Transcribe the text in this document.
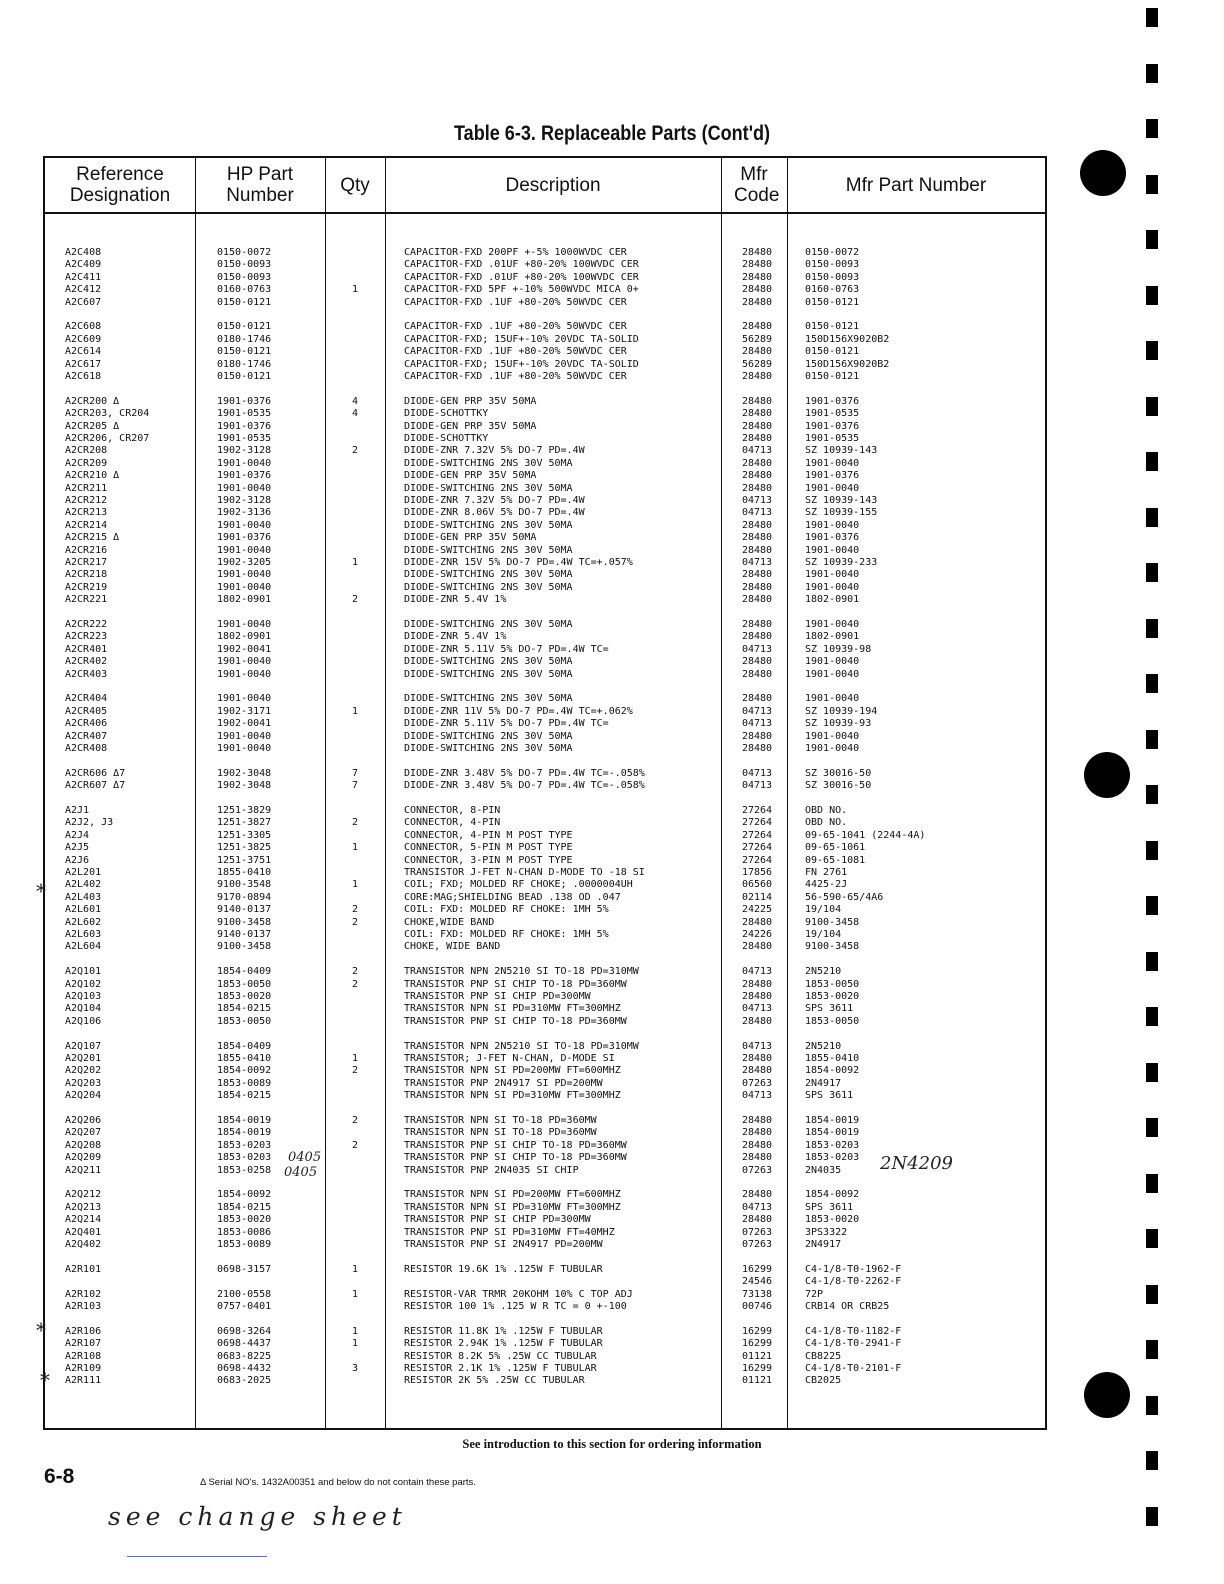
Table 6-3. Replaceable Parts (Cont'd)
Reference Designation
HP Part Number	Qty	Description	Mfr Code	Mfr Part Number
A2C408	0150-0072	CAPACITOR-FXD 200PF +-5% 1000WVDC CER	28480	0150-0072
A2C409	0150-0093	CAPACITOR-FXD .01UF +80-20% 100WVDC CER	28480	0150-0093
A2C411	0150-0093	CAPACITOR-FXD .01UF +80-20% 100WVDC CER	28480	0150-0093
A2C412	0160-0763	1	CAPACITOR-FXD 5PF +-10% 500WVDC MICA 0+	28480	0160-0763
A2C607	0150-0121	CAPACITOR-FXD .1UF +80-20% 50WVDC CER	28480	0150-0121
A2C608	0150-0121	CAPACITOR-FXD .1UF +80-20% 50WVDC CER	28480	0150-0121
A2C609	0180-1746	CAPACITOR-FXD; 15UF+-10% 20VDC TA-SOLID	56289	150D156X9020B2
A2C614	0150-0121	CAPACITOR-FXD .1UF +80-20% 50WVDC CER	28480	0150-0121
A2C617	0180-1746	CAPACITOR-FXD; 15UF+-10% 20VDC TA-SOLID	56289	150D156X9020B2
A2C618	0150-0121	CAPACITOR-FXD .1UF +80-20% 50WVDC CER	28480	0150-0121
A2CR200 Δ	1901-0376	4	DIODE-GEN PRP 35V 50MA	28480	1901-0376
A2CR203, CR204	1901-0535	4	DIODE-SCHOTTKY	28480	1901-0535
A2CR205 Δ	1901-0376	DIODE-GEN PRP 35V 50MA	28480	1901-0376
A2CR206, CR207	1901-0535	DIODE-SCHOTTKY	28480	1901-0535
A2CR208	1902-3128	2	DIODE-ZNR 7.32V 5% DO-7 PD=.4W	04713	SZ 10939-143
A2CR209	1901-0040	DIODE-SWITCHING 2NS 30V 50MA	28480	1901-0040
A2CR210 Δ	1901-0376	DIODE-GEN PRP 35V 50MA	28480	1901-0376
A2CR211	1901-0040	DIODE-SWITCHING 2NS 30V 50MA	28480	1901-0040
A2CR212	1902-3128	DIODE-ZNR 7.32V 5% DO-7 PD=.4W	04713	SZ 10939-143
A2CR213	1902-3136	DIODE-ZNR 8.06V 5% DO-7 PD=.4W	04713	SZ 10939-155
A2CR214	1901-0040	DIODE-SWITCHING 2NS 30V 50MA	28480	1901-0040
A2CR215 Δ	1901-0376	DIODE-GEN PRP 35V 50MA	28480	1901-0376
A2CR216	1901-0040	DIODE-SWITCHING 2NS 30V 50MA	28480	1901-0040
A2CR217	1902-3205	1	DIODE-ZNR 15V 5% DO-7 PD=.4W TC=+.057%	04713	SZ 10939-233
A2CR218	1901-0040	DIODE-SWITCHING 2NS 30V 50MA	28480	1901-0040
A2CR219	1901-0040	DIODE-SWITCHING 2NS 30V 50MA	28480	1901-0040
A2CR221	1802-0901	2	DIODE-ZNR 5.4V 1%	28480	1802-0901
A2CR222	1901-0040	DIODE-SWITCHING 2NS 30V 50MA	28480	1901-0040
A2CR223	1802-0901	DIODE-ZNR 5.4V 1%	28480	1802-0901
A2CR401	1902-0041	DIODE-ZNR 5.11V 5% DO-7 PD=.4W TC=	04713	SZ 10939-98
A2CR402	1901-0040	DIODE-SWITCHING 2NS 30V 50MA	28480	1901-0040
A2CR403	1901-0040	DIODE-SWITCHING 2NS 30V 50MA	28480	1901-0040
A2CR404	1901-0040	DIODE-SWITCHING 2NS 30V 50MA	28480	1901-0040
A2CR405	1902-3171	1	DIODE-ZNR 11V 5% DO-7 PD=.4W TC=+.062%	04713	SZ 10939-194
A2CR406	1902-0041	DIODE-ZNR 5.11V 5% DO-7 PD=.4W TC=	04713	SZ 10939-93
A2CR407	1901-0040	DIODE-SWITCHING 2NS 30V 50MA	28480	1901-0040
A2CR408	1901-0040	DIODE-SWITCHING 2NS 30V 50MA	28480	1901-0040
A2CR606 Δ7	1902-3048	7	DIODE-ZNR 3.48V 5% DO-7 PD=.4W TC=-.058%	04713	SZ 30016-50
A2CR607 Δ7	1902-3048	7	DIODE-ZNR 3.48V 5% DO-7 PD=.4W TC=-.058%	04713	SZ 30016-50
A2J1	1251-3829	CONNECTOR, 8-PIN	27264	OBD NO.
A2J2, J3	1251-3827	2	CONNECTOR, 4-PIN	27264	OBD NO.
A2J4	1251-3305	CONNECTOR, 4-PIN M POST TYPE	27264	09-65-1041 (2244-4A)
A2J5	1251-3825	1	CONNECTOR, 5-PIN M POST TYPE	27264	09-65-1061
A2J6	1251-3751	CONNECTOR, 3-PIN M POST TYPE	27264	09-65-1081
A2L201	1855-0410	TRANSISTOR J-FET N-CHAN D-MODE TO -18 SI	17856	FN 2761
A2L402	9100-3548	1	COIL; FXD; MOLDED RF CHOKE; .0000004UH	06560	4425-2J
A2L403	9170-0894	CORE:MAG;SHIELDING BEAD .138 OD .047	02114	56-590-65/4A6
A2L601	9140-0137	2	COIL: FXD: MOLDED RF CHOKE: 1MH 5%	24225	19/104
A2L602	9100-3458	2	CHOKE,WIDE BAND	28480	9100-3458
A2L603	9140-0137	COIL: FXD: MOLDED RF CHOKE: 1MH 5%	24226	19/104
A2L604	9100-3458	CHOKE, WIDE BAND	28480	9100-3458
A2Q101	1854-0409	2	TRANSISTOR NPN 2N5210 SI TO-18 PD=310MW	04713	2N5210
A2Q102	1853-0050	2	TRANSISTOR PNP SI CHIP TO-18 PD=360MW	28480	1853-0050
A2Q103	1853-0020	TRANSISTOR PNP SI CHIP PD=300MW	28480	1853-0020
A2Q104	1854-0215	TRANSISTOR NPN SI PD=310MW FT=300MHZ	04713	SPS 3611
A2Q106	1853-0050	TRANSISTOR PNP SI CHIP TO-18 PD=360MW	28480	1853-0050
A2Q107	1854-0409	TRANSISTOR NPN 2N5210 SI TO-18 PD=310MW	04713	2N5210
A2Q201	1855-0410	1	TRANSISTOR; J-FET N-CHAN, D-MODE SI	28480	1855-0410
A2Q202	1854-0092	2	TRANSISTOR NPN SI PD=200MW FT=600MHZ	28480	1854-0092
A2Q203	1853-0089	TRANSISTOR PNP 2N4917 SI PD=200MW	07263	2N4917
A2Q204	1854-0215	TRANSISTOR NPN SI PD=310MW FT=300MHZ	04713	SPS 3611
A2Q206	1854-0019	2	TRANSISTOR NPN SI TO-18 PD=360MW	28480	1854-0019
A2Q207	1854-0019	TRANSISTOR NPN SI TO-18 PD=360MW	28480	1854-0019
A2Q208	1853-0203	2	TRANSISTOR PNP SI CHIP TO-18 PD=360MW	28480	1853-0203
A2Q209	1853-0203	TRANSISTOR PNP SI CHIP TO-18 PD=360MW	28480	1853-0203
A2Q211	1853-0258	TRANSISTOR PNP 2N4035 SI CHIP	07263	2N4035
A2Q212	1854-0092	TRANSISTOR NPN SI PD=200MW FT=600MHZ	28480	1854-0092
A2Q213	1854-0215	TRANSISTOR NPN SI PD=310MW FT=300MHZ	04713	SPS 3611
A2Q214	1853-0020	TRANSISTOR PNP SI CHIP PD=300MW	28480	1853-0020
A2Q401	1853-0086	TRANSISTOR PNP SI PD=310MW FT=40MHZ	07263	3PS3322
A2Q402	1853-0089	TRANSISTOR PNP SI 2N4917 PD=200MW	07263	2N4917
A2R101	0698-3157	1	RESISTOR 19.6K 1% .125W F TUBULAR	16299	C4-1/8-T0-1962-F
24546	C4-1/8-T0-2262-F
A2R102	2100-0558	1	RESISTOR-VAR TRMR 20KOHM 10% C TOP ADJ	73138	72P
A2R103	0757-0401	RESISTOR 100 1% .125 W R TC = 0 +-100	00746	CRB14 OR CRB25
A2R106	0698-3264	1	RESISTOR 11.8K 1% .125W F TUBULAR	16299	C4-1/8-T0-1182-F
A2R107	0698-4437	1	RESISTOR 2.94K 1% .125W F TUBULAR	16299	C4-1/8-T0-2941-F
A2R108	0683-8225	RESISTOR 8.2K 5% .25W CC TUBULAR	01121	CB8225
A2R109	0698-4432	3	RESISTOR 2.1K 1% .125W F TUBULAR	16299	C4-1/8-T0-2101-F
A2R111	0683-2025	RESISTOR 2K 5% .25W CC TUBULAR	01121	CB2025
See introduction to this section for ordering information
6-8	Δ Serial NO's. 1432A00351 and below do not contain these parts.
see change sheet
0405
0405	2N4209
*
*
*
